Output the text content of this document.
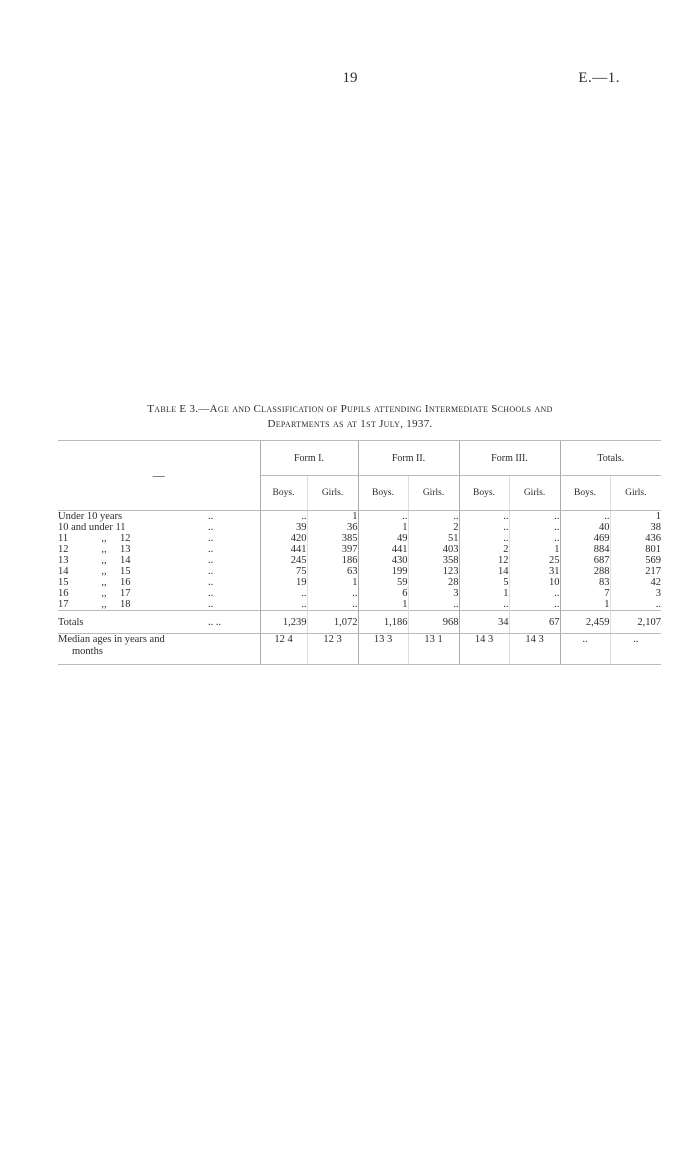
19	E.—1.
Table E 3.—Age and Classification of Pupils attending Intermediate Schools and
Departments as at 1st July, 1937.
—		Form I.		Form II.		Form III.		Totals.	
		Boys.	Girls.	Boys.	Girls.	Boys.	Girls.	Boys.	Girls.
Under 10 years	..	..	1	..	..	..	..	..	1
10 and under 11	..	39	36	1	2	..	..	40	38
11 ,, 12	..	420	385	49	51	..	..	469	436
12 ,, 13	..	441	397	441	403	2	1	884	801
13 ,, 14	..	245	186	430	358	12	25	687	569
14 ,, 15	..	75	63	199	123	14	31	288	217
15 ,, 16	..	19	1	59	28	5	10	83	42
16 ,, 17	..	..	..	6	3	1	..	7	3
17 ,, 18	..	..	..	1	..	..	..	1	..
Totals	.. ..	1,239	1,072	1,186	968	34	67	2,459	2,107
Median ages in years and
months		12 4	12 3	13 3	13 1	14 3	14 3	..	..
